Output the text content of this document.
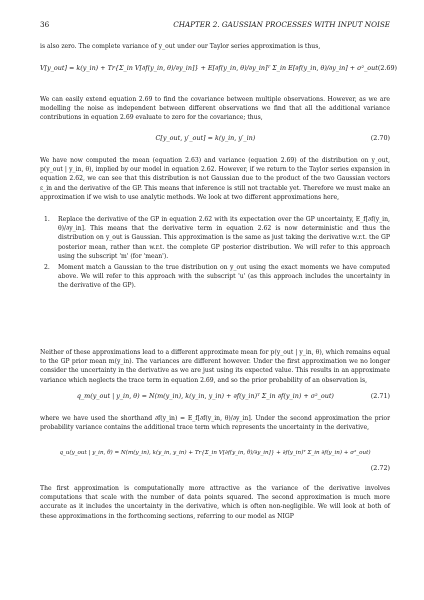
36	CHAPTER 2. GAUSSIAN PROCESSES WITH INPUT NOISE
is also zero. The complete variance of y_out under our Taylor series approximation is thus,
V[y_out] = k(y_in) + Tr{Σ_in V[∂f(y_in, θ)/∂y_in]} + E[∂f(y_in, θ)/∂y_in]ᵀ Σ_in E[∂f(y_in, θ)/∂y_in] + σ²_out (2.69)
We can easily extend equation 2.69 to find the covariance between multiple observations. However, as we are modelling the noise as independent between different observations we find that all the additional variance contributions in equation 2.69 evaluate to zero for the covariance; thus,
C[y_out, y′_out] = k(y_in, y′_in)	(2.70)
We have now computed the mean (equation 2.63) and variance (equation 2.69) of the distribution on y_out, p(y_out | y_in, θ), implied by our model in equation 2.62. However, if we return to the Taylor series expansion in equation 2.62, we can see that this distribution is not Gaussian due to the product of the two Gaussian vectors ε_in and the derivative of the GP. This means that inference is still not tractable yet. Therefore we must make an approximation if we wish to use analytic methods. We look at two different approximations here,
1. Replace the derivative of the GP in equation 2.62 with its expectation over the GP uncertainty, E_f[∂f(y_in, θ)/∂y_in]. This means that the derivative term in equation 2.62 is now deterministic and thus the distribution on y_out is Gaussian. This approximation is the same as just taking the derivative w.r.t. the GP posterior mean, rather than w.r.t. the complete GP posterior distribution. We will refer to this approach using the subscript 'm' (for 'mean').
2. Moment match a Gaussian to the true distribution on y_out using the exact moments we have computed above. We will refer to this approach with the subscript 'u' (as this approach includes the uncertainty in the derivative of the GP).
Neither of these approximations lead to a different approximate mean for p(y_out | y_in, θ), which remains equal to the GP prior mean m(y_in). The variances are different however. Under the first approximation we no longer consider the uncertainty in the derivative as we are just using its expected value. This results in an approximate variance which neglects the trace term in equation 2.69, and so the prior probability of an observation is,
q_m(y_out | y_in, θ) = N(m(y_in), k(y_in, y_in) + ∂f(y_in)ᵀ Σ_in ∂f(y_in) + σ²_out)	(2.71)
where we have used the shorthand ∂f(y_in) = E_f[∂f(y_in, θ)/∂y_in]. Under the second approximation the prior probability variance contains the additional trace term which represents the uncertainty in the derivative,
q_u(y_out | y_in, θ) = N(m(y_in), k(y_in, y_in) + Tr{Σ_in V[∂f(y_in, θ)/∂y_in]} + ∂f(y_in)ᵀ Σ_in ∂f(y_in) + σ²_out)
(2.72)
The first approximation is computationally more attractive as the variance of the derivative involves computations that scale with the number of data points squared. The second approximation is much more accurate as it includes the uncertainty in the derivative, which is often non-negligible. We will look at both of these approximations in the forthcoming sections, referring to our model as NIGP
